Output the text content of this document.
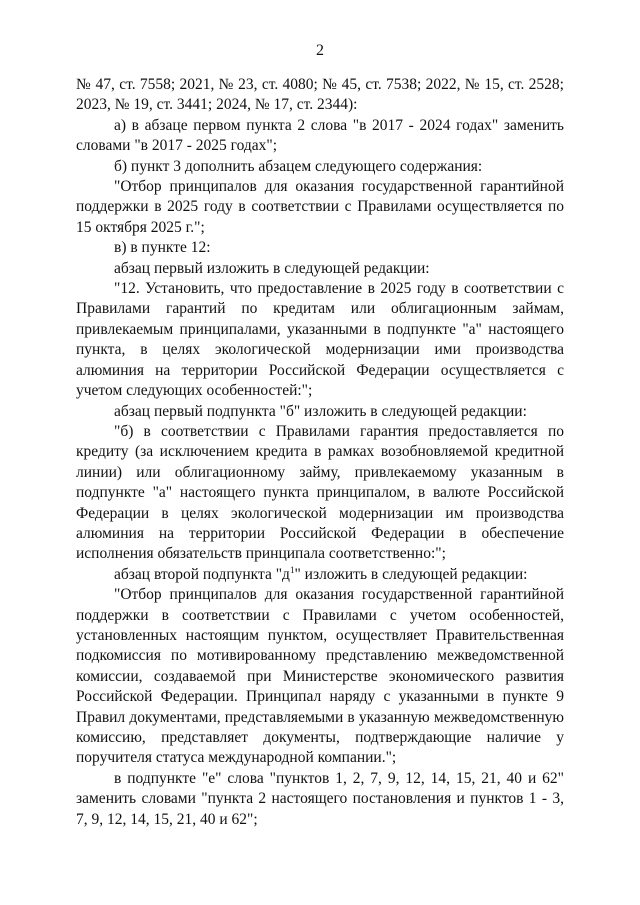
2

№ 47, ст. 7558; 2021, № 23, ст. 4080; № 45, ст. 7538; 2022, № 15, ст. 2528; 2023, № 19, ст. 3441; 2024, № 17, ст. 2344):

а) в абзаце первом пункта 2 слова "в 2017 - 2024 годах" заменить словами "в 2017 - 2025 годах";

б) пункт 3 дополнить абзацем следующего содержания:

"Отбор принципалов для оказания государственной гарантийной поддержки в 2025 году в соответствии с Правилами осуществляется по 15 октября 2025 г.";

в) в пункте 12:

абзац первый изложить в следующей редакции:

"12. Установить, что предоставление в 2025 году в соответствии с Правилами гарантий по кредитам или облигационным займам, привлекаемым принципалами, указанными в подпункте "а" настоящего пункта, в целях экологической модернизации ими производства алюминия на территории Российской Федерации осуществляется с учетом следующих особенностей:";

абзац первый подпункта "б" изложить в следующей редакции:

"б) в соответствии с Правилами гарантия предоставляется по кредиту (за исключением кредита в рамках возобновляемой кредитной линии) или облигационному займу, привлекаемому указанным в подпункте "а" настоящего пункта принципалом, в валюте Российской Федерации в целях экологической модернизации им производства алюминия на территории Российской Федерации в обеспечение исполнения обязательств принципала соответственно:";

абзац второй подпункта "$д^1$" изложить в следующей редакции:

"Отбор принципалов для оказания государственной гарантийной поддержки в соответствии с Правилами с учетом особенностей, установленных настоящим пунктом, осуществляет Правительственная подкомиссия по мотивированному представлению межведомственной комиссии, создаваемой при Министерстве экономического развития Российской Федерации. Принципал наряду с указанными в пункте 9 Правил документами, представляемыми в указанную межведомственную комиссию, представляет документы, подтверждающие наличие у поручителя статуса международной компании.";

в подпункте "е" слова "пунктов 1, 2, 7, 9, 12, 14, 15, 21, 40 и 62" заменить словами "пункта 2 настоящего постановления и пунктов 1 - 3, 7, 9, 12, 14, 15, 21, 40 и 62";
